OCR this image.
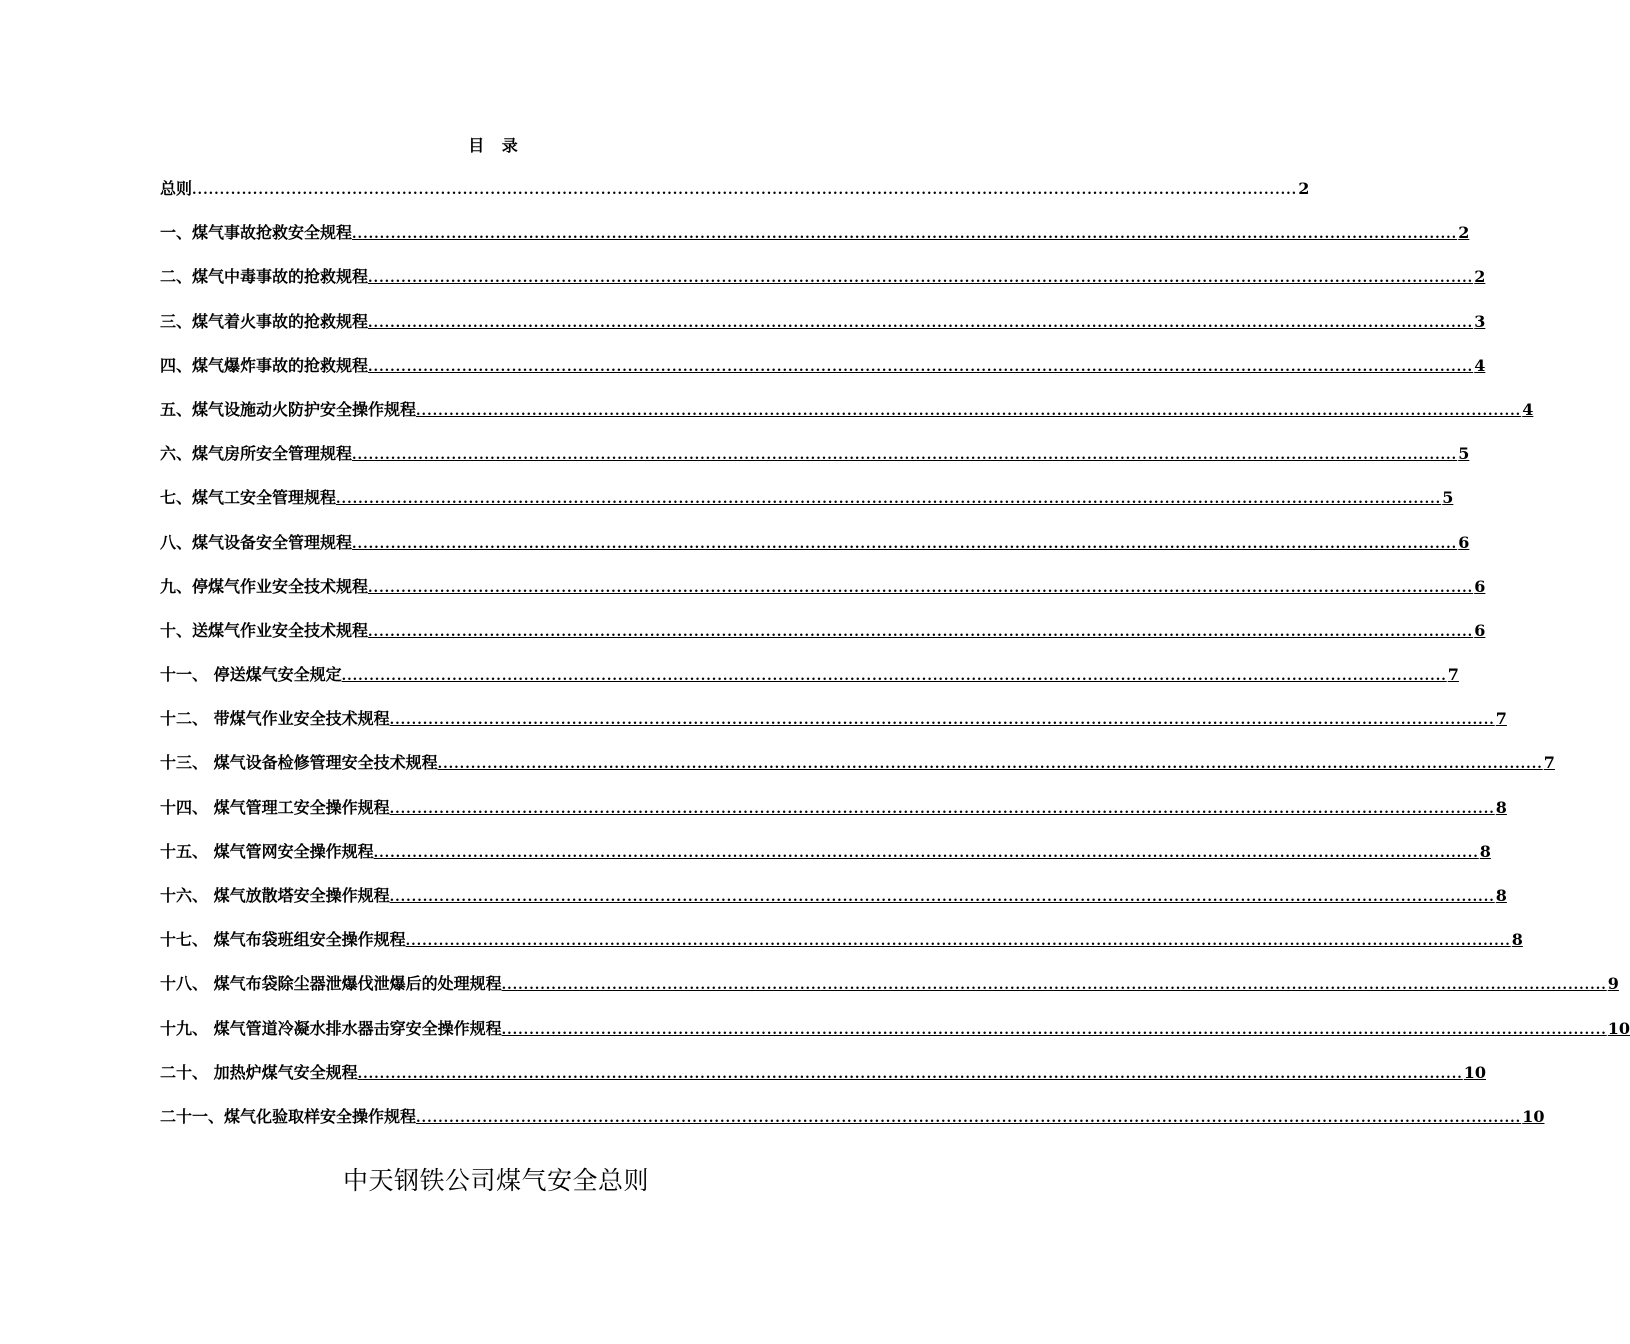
目 录
总则 ........................................................................................................................................................................................................ 2
一、煤气事故抢救安全规程 ........................................................................................................................................................................................................ 2
二、煤气中毒事故的抢救规程 ........................................................................................................................................................................................................ 2
三、煤气着火事故的抢救规程 ........................................................................................................................................................................................................ 3
四、煤气爆炸事故的抢救规程 ........................................................................................................................................................................................................ 4
五、煤气设施动火防护安全操作规程 ........................................................................................................................................................................................................ 4
六、煤气房所安全管理规程 ........................................................................................................................................................................................................ 5
七、煤气工安全管理规程 ........................................................................................................................................................................................................ 5
八、煤气设备安全管理规程 ........................................................................................................................................................................................................ 6
九、停煤气作业安全技术规程 ........................................................................................................................................................................................................ 6
十、送煤气作业安全技术规程 ........................................................................................................................................................................................................ 6
十一、 停送煤气安全规定 ........................................................................................................................................................................................................ 7
十二、 带煤气作业安全技术规程 ........................................................................................................................................................................................................ 7
十三、 煤气设备检修管理安全技术规程 ........................................................................................................................................................................................................ 7
十四、 煤气管理工安全操作规程 ........................................................................................................................................................................................................ 8
十五、 煤气管网安全操作规程 ........................................................................................................................................................................................................ 8
十六、 煤气放散塔安全操作规程 ........................................................................................................................................................................................................ 8
十七、 煤气布袋班组安全操作规程 ........................................................................................................................................................................................................ 8
十八、 煤气布袋除尘器泄爆伐泄爆后的处理规程 ........................................................................................................................................................................................................ 9
十九、 煤气管道冷凝水排水器击穿安全操作规程 ........................................................................................................................................................................................................ 10
二十、 加热炉煤气安全规程 ........................................................................................................................................................................................................ 10
二十一、煤气化验取样安全操作规程 ........................................................................................................................................................................................................ 10
中天钢铁公司煤气安全总则
